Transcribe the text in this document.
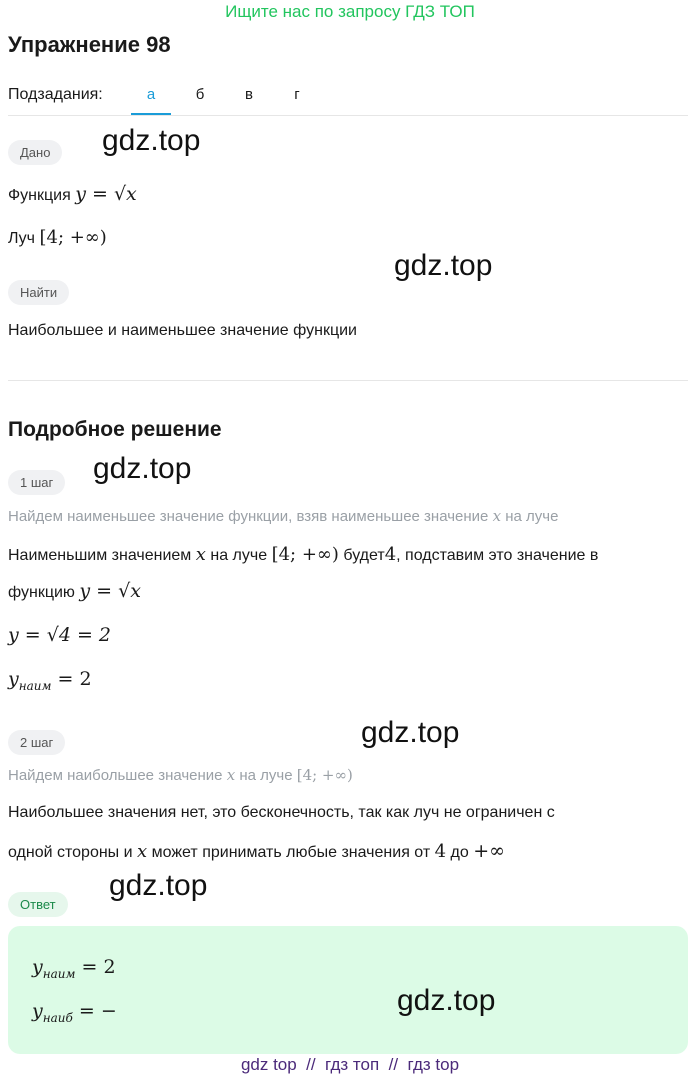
Ищите нас по запросу ГДЗ ТОП
Упражнение 98
Подзадания:	а	б	в	г
Дано
Функция y = √x
Луч [4; +∞)
Найти
Наибольшее и наименьшее значение функции
Подробное решение
1 шаг
Найдем наименьшее значение функции, взяв наименьшее значение x на луче
Наименьшим значением x на луче [4; +∞) будет4, подставим это значение в
функцию y = √x
y = √4 = 2
$y_{наим} = 2$
2 шаг
Найдем наибольшее значение x на луче [4; +∞)
Наибольшее значения нет, это бесконечность, так как луч не ограничен с
одной стороны и x может принимать любые значения от 4 до +∞
Ответ
$y_{наим} = 2$
$y_{наиб}$ = −
gdz.top
gdz.top
gdz.top
gdz.top
gdz.top
gdz.top
gdz top  //  гдз топ  //  гдз top
